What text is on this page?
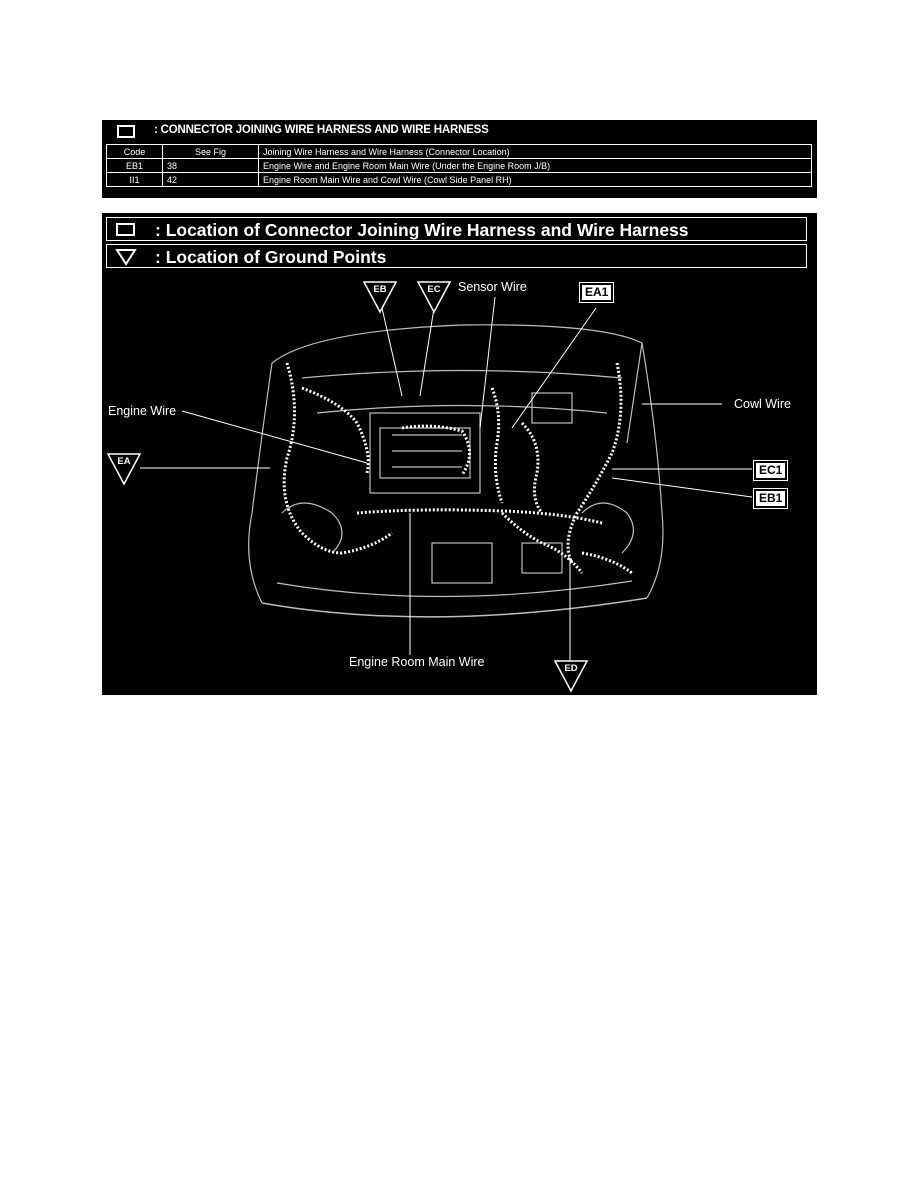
: CONNECTOR JOINING WIRE HARNESS AND WIRE HARNESS
Code	See Fig	Joining Wire Harness and Wire Harness (Connector Location)
EB1	38	Engine Wire and Engine Room Main Wire (Under the Engine Room J/B)
II1	42	Engine Room Main Wire and Cowl Wire (Cowl Side Panel RH)
: Location of Connector Joining Wire Harness and Wire Harness
: Location of Ground Points
EB	EC
EA
ED
Sensor Wire
Engine Wire	Cowl Wire
Engine Room Main Wire
EA1
EC1
EB1
